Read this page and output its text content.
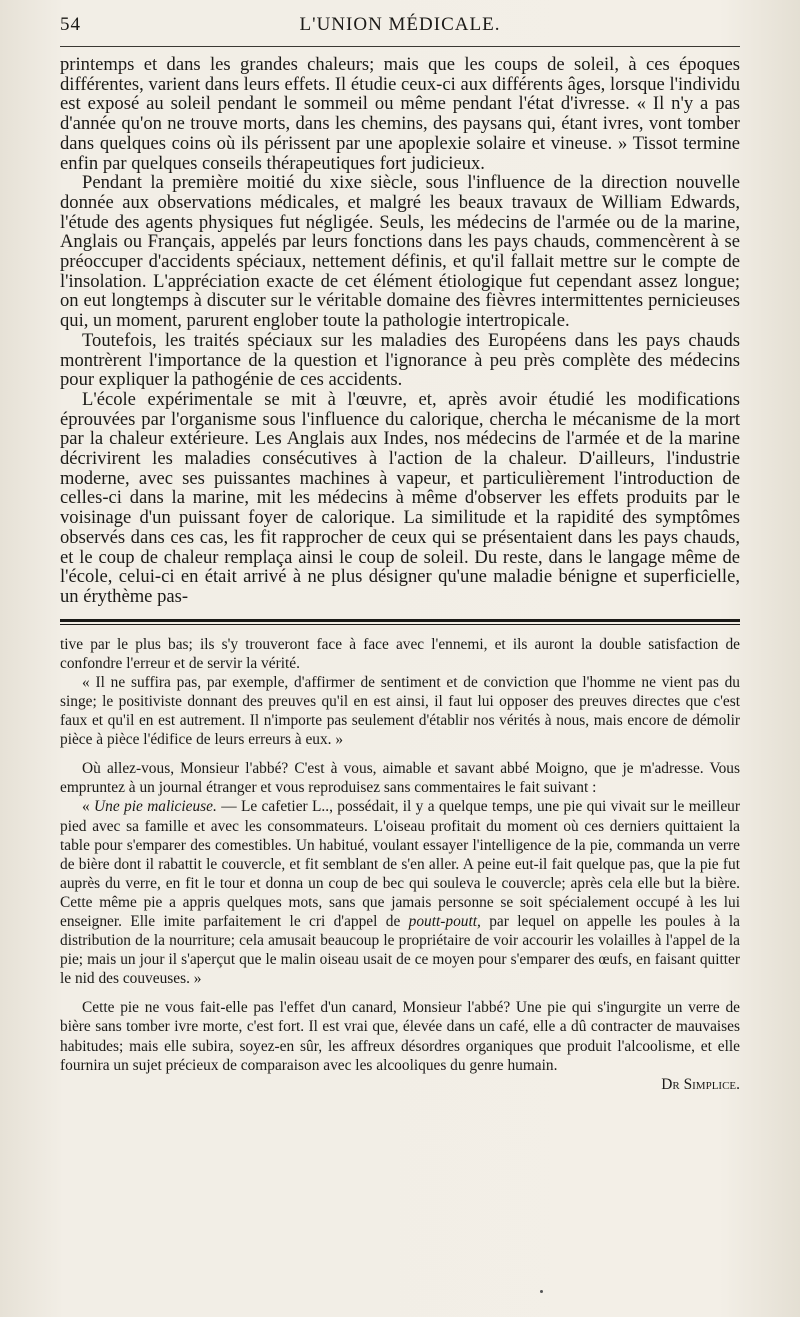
54	L'UNION MÉDICALE.

printemps et dans les grandes chaleurs; mais que les coups de soleil, à ces époques différentes, varient dans leurs effets. Il étudie ceux-ci aux différents âges, lorsque l'individu est exposé au soleil pendant le sommeil ou même pendant l'état d'ivresse. « Il n'y a pas d'année qu'on ne trouve morts, dans les chemins, des paysans qui, étant ivres, vont tomber dans quelques coins où ils périssent par une apoplexie solaire et vineuse. » Tissot termine enfin par quelques conseils thérapeutiques fort judicieux.

Pendant la première moitié du xixe siècle, sous l'influence de la direction nouvelle donnée aux observations médicales, et malgré les beaux travaux de William Edwards, l'étude des agents physiques fut négligée. Seuls, les médecins de l'armée ou de la marine, Anglais ou Français, appelés par leurs fonctions dans les pays chauds, commencèrent à se préoccuper d'accidents spéciaux, nettement définis, et qu'il fallait mettre sur le compte de l'insolation. L'appréciation exacte de cet élément étiologique fut cependant assez longue; on eut longtemps à discuter sur le véritable domaine des fièvres intermittentes pernicieuses qui, un moment, parurent englober toute la pathologie intertropicale.

Toutefois, les traités spéciaux sur les maladies des Européens dans les pays chauds montrèrent l'importance de la question et l'ignorance à peu près complète des médecins pour expliquer la pathogénie de ces accidents.

L'école expérimentale se mit à l'œuvre, et, après avoir étudié les modifications éprouvées par l'organisme sous l'influence du calorique, chercha le mécanisme de la mort par la chaleur extérieure. Les Anglais aux Indes, nos médecins de l'armée et de la marine décrivirent les maladies consécutives à l'action de la chaleur. D'ailleurs, l'industrie moderne, avec ses puissantes machines à vapeur, et particulièrement l'introduction de celles-ci dans la marine, mit les médecins à même d'observer les effets produits par le voisinage d'un puissant foyer de calorique. La similitude et la rapidité des symptômes observés dans ces cas, les fit rapprocher de ceux qui se présentaient dans les pays chauds, et le coup de chaleur remplaça ainsi le coup de soleil. Du reste, dans le langage même de l'école, celui-ci en était arrivé à ne plus désigner qu'une maladie bénigne et superficielle, un érythème pas-

tive par le plus bas; ils s'y trouveront face à face avec l'ennemi, et ils auront la double satisfaction de confondre l'erreur et de servir la vérité.

« Il ne suffira pas, par exemple, d'affirmer de sentiment et de conviction que l'homme ne vient pas du singe; le positiviste donnant des preuves qu'il en est ainsi, il faut lui opposer des preuves directes que c'est faux et qu'il en est autrement. Il n'importe pas seulement d'établir nos vérités à nous, mais encore de démolir pièce à pièce l'édifice de leurs erreurs à eux. »

Où allez-vous, Monsieur l'abbé? C'est à vous, aimable et savant abbé Moigno, que je m'adresse. Vous empruntez à un journal étranger et vous reproduisez sans commentaires le fait suivant :

« Une pie malicieuse. — Le cafetier L.., possédait, il y a quelque temps, une pie qui vivait sur le meilleur pied avec sa famille et avec les consommateurs. L'oiseau profitait du moment où ces derniers quittaient la table pour s'emparer des comestibles. Un habitué, voulant essayer l'intelligence de la pie, commanda un verre de bière dont il rabattit le couvercle, et fit semblant de s'en aller. A peine eut-il fait quelque pas, que la pie fut auprès du verre, en fit le tour et donna un coup de bec qui souleva le couvercle; après cela elle but la bière. Cette même pie a appris quelques mots, sans que jamais personne se soit spécialement occupé à les lui enseigner. Elle imite parfaitement le cri d'appel de poutt-poutt, par lequel on appelle les poules à la distribution de la nourriture; cela amusait beaucoup le propriétaire de voir accourir les volailles à l'appel de la pie; mais un jour il s'aperçut que le malin oiseau usait de ce moyen pour s'emparer des œufs, en faisant quitter le nid des couveuses. »

Cette pie ne vous fait-elle pas l'effet d'un canard, Monsieur l'abbé? Une pie qui s'ingurgite un verre de bière sans tomber ivre morte, c'est fort. Il est vrai que, élevée dans un café, elle a dû contracter de mauvaises habitudes; mais elle subira, soyez-en sûr, les affreux désordres organiques que produit l'alcoolisme, et elle fournira un sujet précieux de comparaison avec les alcooliques du genre humain.

Dr Simplice.
